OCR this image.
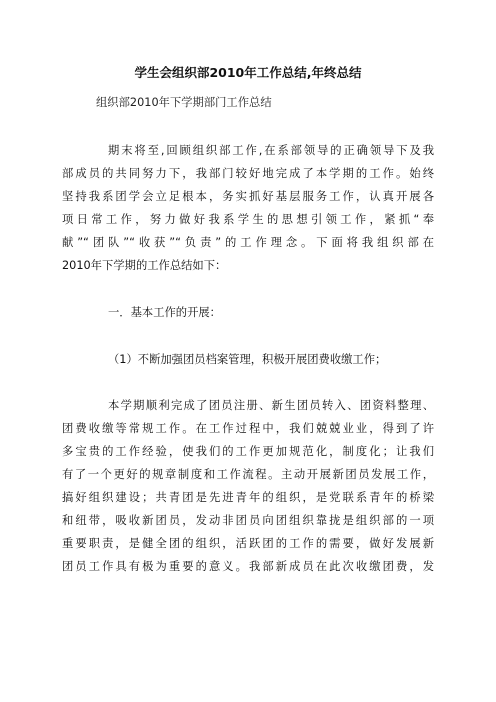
学生会组织部2010年工作总结,年终总结
组织部2010年下学期部门工作总结
期末将至,回顾组织部工作,在系部领导的正确领导下及我
部成员的共同努力下，我部门较好地完成了本学期的工作。始终
坚持我系团学会立足根本，务实抓好基层服务工作，认真开展各
项日常工作，努力做好我系学生的思想引领工作，紧抓“奉
献”“团队”“收获”“负责”的工作理念。下面将我组织部在
2010年下学期的工作总结如下：
一．基本工作的开展：
（1）不断加强团员档案管理，积极开展团费收缴工作；
本学期顺利完成了团员注册、新生团员转入、团资料整理、
团费收缴等常规工作。在工作过程中，我们兢兢业业，得到了许
多宝贵的工作经验，使我们的工作更加规范化，制度化；让我们
有了一个更好的规章制度和工作流程。主动开展新团员发展工作，
搞好组织建设；共青团是先进青年的组织，是党联系青年的桥梁
和纽带，吸收新团员，发动非团员向团组织靠拢是组织部的一项
重要职责，是健全团的组织，活跃团的工作的需要，做好发展新
团员工作具有极为重要的意义。我部新成员在此次收缴团费，发
